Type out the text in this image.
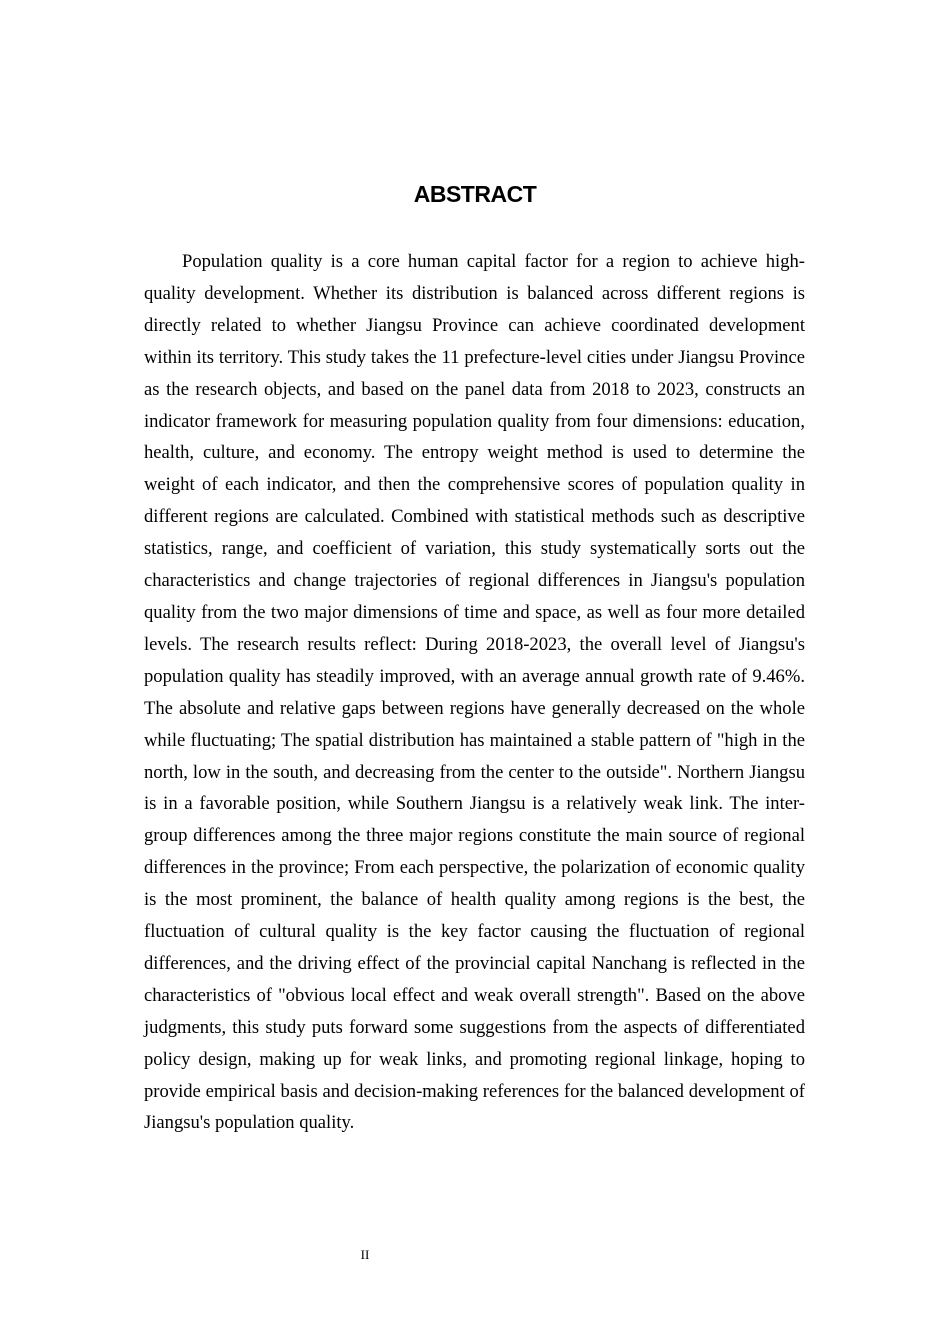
ABSTRACT

Population quality is a core human capital factor for a region to achieve high-quality development. Whether its distribution is balanced across different regions is directly related to whether Jiangsu Province can achieve coordinated development within its territory. This study takes the 11 prefecture-level cities under Jiangsu Province as the research objects, and based on the panel data from 2018 to 2023, constructs an indicator framework for measuring population quality from four dimensions: education, health, culture, and economy. The entropy weight method is used to determine the weight of each indicator, and then the comprehensive scores of population quality in different regions are calculated. Combined with statistical methods such as descriptive statistics, range, and coefficient of variation, this study systematically sorts out the characteristics and change trajectories of regional differences in Jiangsu's population quality from the two major dimensions of time and space, as well as four more detailed levels. The research results reflect: During 2018-2023, the overall level of Jiangsu's population quality has steadily improved, with an average annual growth rate of 9.46%. The absolute and relative gaps between regions have generally decreased on the whole while fluctuating; The spatial distribution has maintained a stable pattern of "high in the north, low in the south, and decreasing from the center to the outside". Northern Jiangsu is in a favorable position, while Southern Jiangsu is a relatively weak link. The inter-group differences among the three major regions constitute the main source of regional differences in the province; From each perspective, the polarization of economic quality is the most prominent, the balance of health quality among regions is the best, the fluctuation of cultural quality is the key factor causing the fluctuation of regional differences, and the driving effect of the provincial capital Nanchang is reflected in the characteristics of "obvious local effect and weak overall strength". Based on the above judgments, this study puts forward some suggestions from the aspects of differentiated policy design, making up for weak links, and promoting regional linkage, hoping to provide empirical basis and decision-making references for the balanced development of Jiangsu's population quality.

II
